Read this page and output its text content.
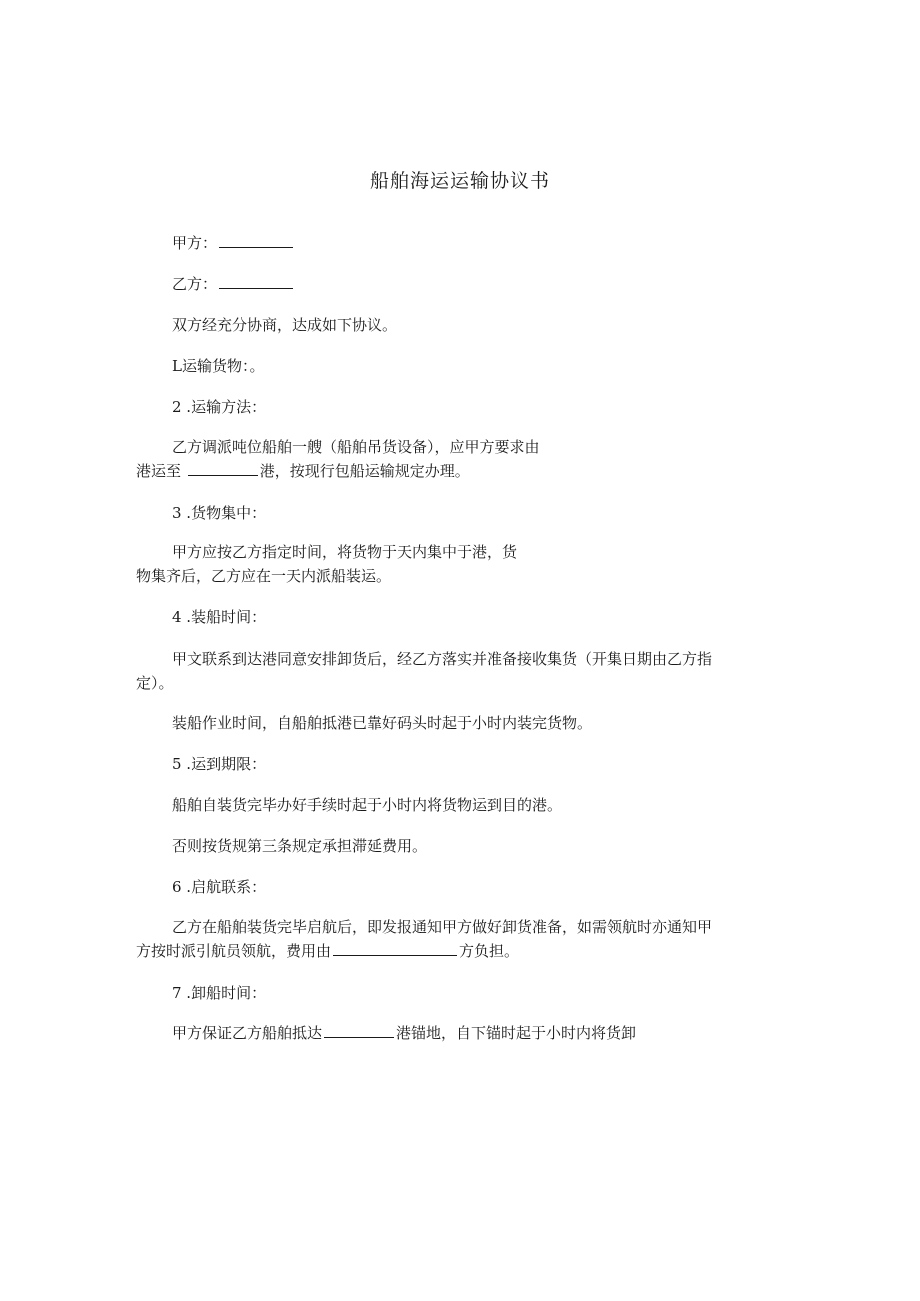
船舶海运运输协议书
甲方：
乙方：
双方经充分协商，达成如下协议。
L运输货物：。
2 .运输方法：
乙方调派吨位船舶一艘（船舶吊货设备），应甲方要求由
港运至	港，按现行包船运输规定办理。
3 .货物集中：
甲方应按乙方指定时间，将货物于天内集中于港，货
物集齐后，乙方应在一天内派船装运。
4 .装船时间：
甲文联系到达港同意安排卸货后，经乙方落实并准备接收集货（开集日期由乙方指
定）。
装船作业时间，自船舶抵港已靠好码头时起于小时内装完货物。
5 .运到期限：
船舶自装货完毕办好手续时起于小时内将货物运到目的港。
否则按货规第三条规定承担滞延费用。
6 .启航联系：
乙方在船舶装货完毕启航后，即发报通知甲方做好卸货准备，如需领航时亦通知甲
方按时派引航员领航，费用由	方负担。
7 .卸船时间：
甲方保证乙方船舶抵达	港锚地，自下锚时起于小时内将货卸
